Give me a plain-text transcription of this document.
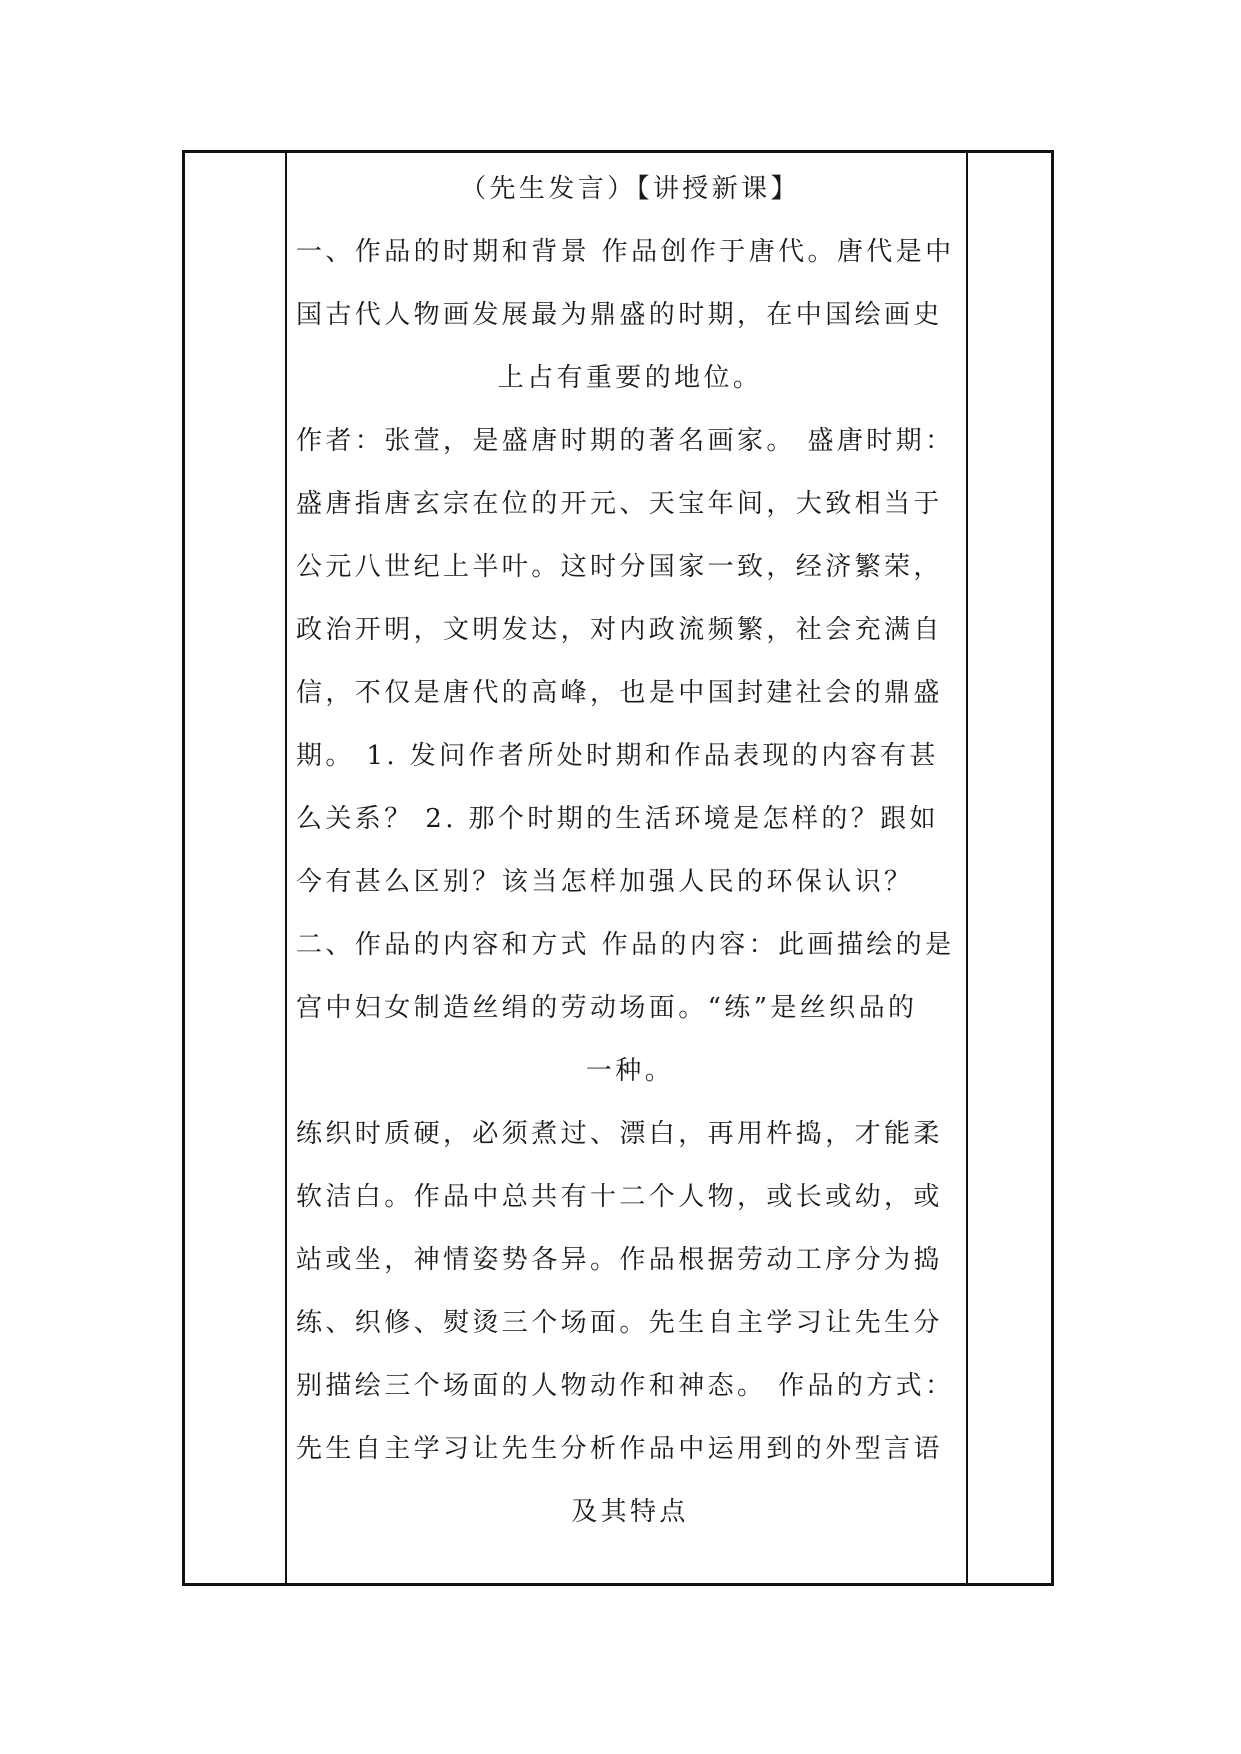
（先生发言）【讲授新课】
一、作品的时期和背景 作品创作于唐代。唐代是中
国古代人物画发展最为鼎盛的时期，在中国绘画史
上占有重要的地位。
作者：张萱，是盛唐时期的著名画家。 盛唐时期：
盛唐指唐玄宗在位的开元、天宝年间，大致相当于
公元八世纪上半叶。这时分国家一致，经济繁荣，
政治开明，文明发达，对内政流频繁，社会充满自
信，不仅是唐代的高峰，也是中国封建社会的鼎盛
期。 1. 发问作者所处时期和作品表现的内容有甚
么关系？ 2. 那个时期的生活环境是怎样的？跟如
今有甚么区别？该当怎样加强人民的环保认识？
二、作品的内容和方式 作品的内容：此画描绘的是
宫中妇女制造丝绢的劳动场面。“练”是丝织品的
一种。
练织时质硬，必须煮过、漂白，再用杵捣，才能柔
软洁白。作品中总共有十二个人物，或长或幼，或
站或坐，神情姿势各异。作品根据劳动工序分为捣
练、织修、熨烫三个场面。先生自主学习让先生分
别描绘三个场面的人物动作和神态。 作品的方式：
先生自主学习让先生分析作品中运用到的外型言语
及其特点
